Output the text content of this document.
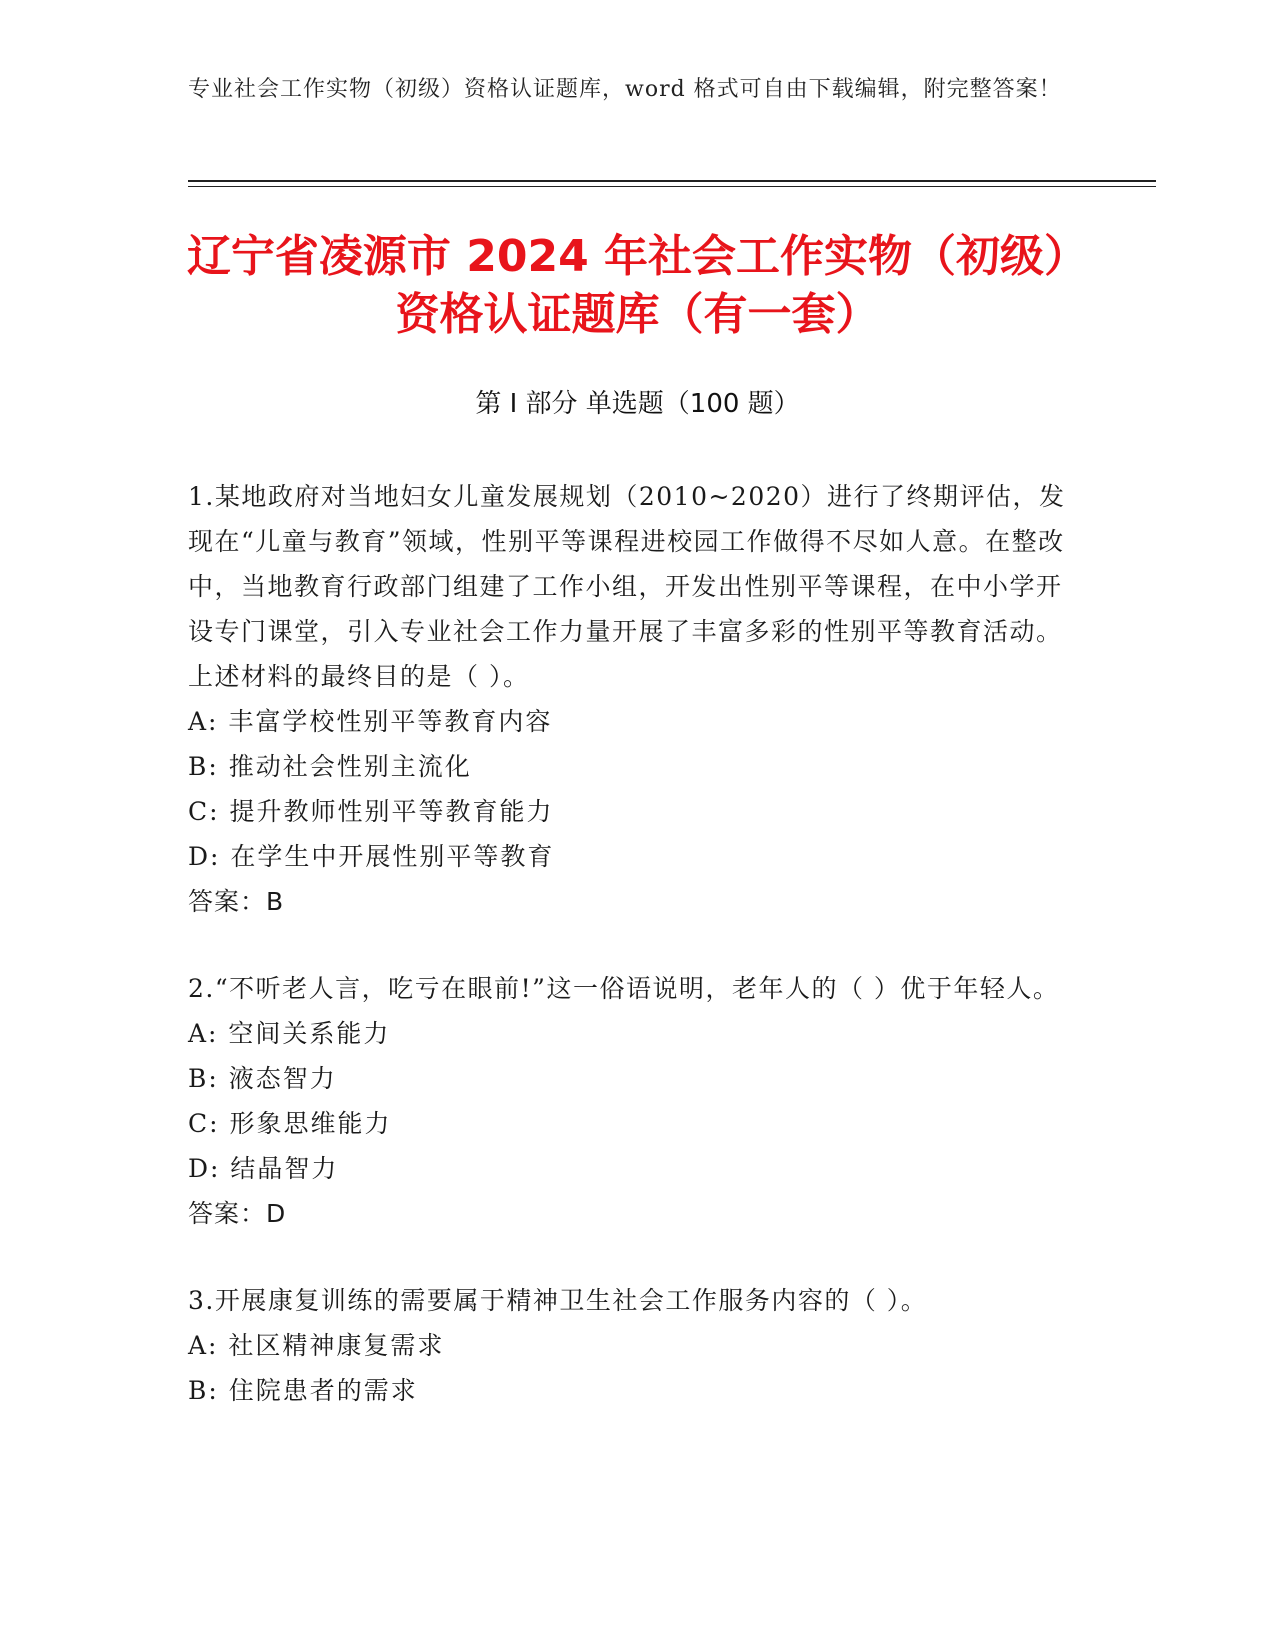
专业社会工作实物（初级）资格认证题库，word 格式可自由下载编辑，附完整答案！
辽宁省凌源市 2024 年社会工作实物（初级）
资格认证题库（有一套）
第 I 部分 单选题（100 题）
1.某地政府对当地妇女儿童发展规划（2010~2020）进行了终期评估，发现在“儿童与教育”领域，性别平等课程进校园工作做得不尽如人意。在整改中，当地教育行政部门组建了工作小组，开发出性别平等课程，在中小学开设专门课堂，引入专业社会工作力量开展了丰富多彩的性别平等教育活动。上述材料的最终目的是（ ）。
A: 丰富学校性别平等教育内容
B: 推动社会性别主流化
C: 提升教师性别平等教育能力
D: 在学生中开展性别平等教育
答案：B
2.“不听老人言，吃亏在眼前!”这一俗语说明，老年人的（ ）优于年轻人。
A: 空间关系能力
B: 液态智力
C: 形象思维能力
D: 结晶智力
答案：D
3.开展康复训练的需要属于精神卫生社会工作服务内容的（ ）。
A: 社区精神康复需求
B: 住院患者的需求
